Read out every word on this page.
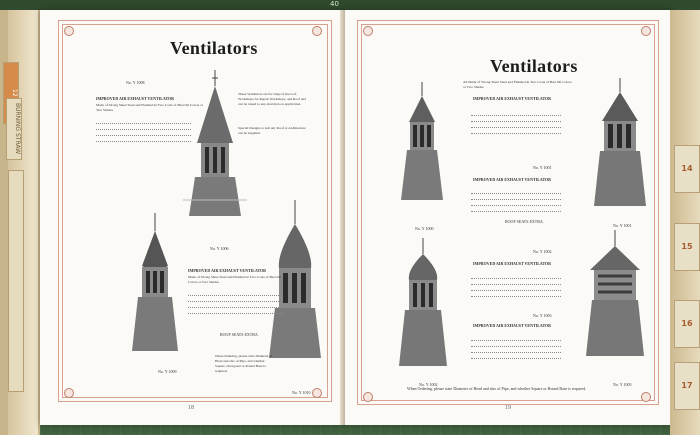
40
12
BURNING STRAW
Ventilators
No. Y 1008
IMPROVED AIR EXHAUST VENTILATOR
Made of Strong Sheet Steel and Finished in Two Coats of Best Oil Colors or Two Shades
These Ventilators are for ridge of the roof. Workshops for Repair Workshops, and Roof and can be raised to any elevation on application.
Special Designs to suit any Roof or Architecture can be supplied.
No. Y 1006
No. Y 1009
No. Y 1010
IMPROVED AIR EXHAUST VENTILATOR
Made of Strong Sheet Steel and Finished in Two Coats of Best Oil Colors or Two Shades
ROOF SEATS EXTRA.
When Ordering, please state Diameter of Head and also of Pipe, and whether Square, Octagonal or Round Base is required.
18
Ventilators
All Made of Strong Sheet Steel and Finished in Two Coats of Best Oil Colors or Two Shades
IMPROVED AIR EXHAUST VENTILATOR
No. Y 1001
IMPROVED AIR EXHAUST VENTILATOR
ROOF SEATS EXTRA.
No. Y 1000
No. Y 1001
No. Y 1002
IMPROVED AIR EXHAUST VENTILATOR
No. Y 1003
IMPROVED AIR EXHAUST VENTILATOR
No. Y 1002	No. Y 1003
When Ordering, please state Diameter of Head and also of Pipe, and whether Square or Round Base is required.
19
14
15
16
17
